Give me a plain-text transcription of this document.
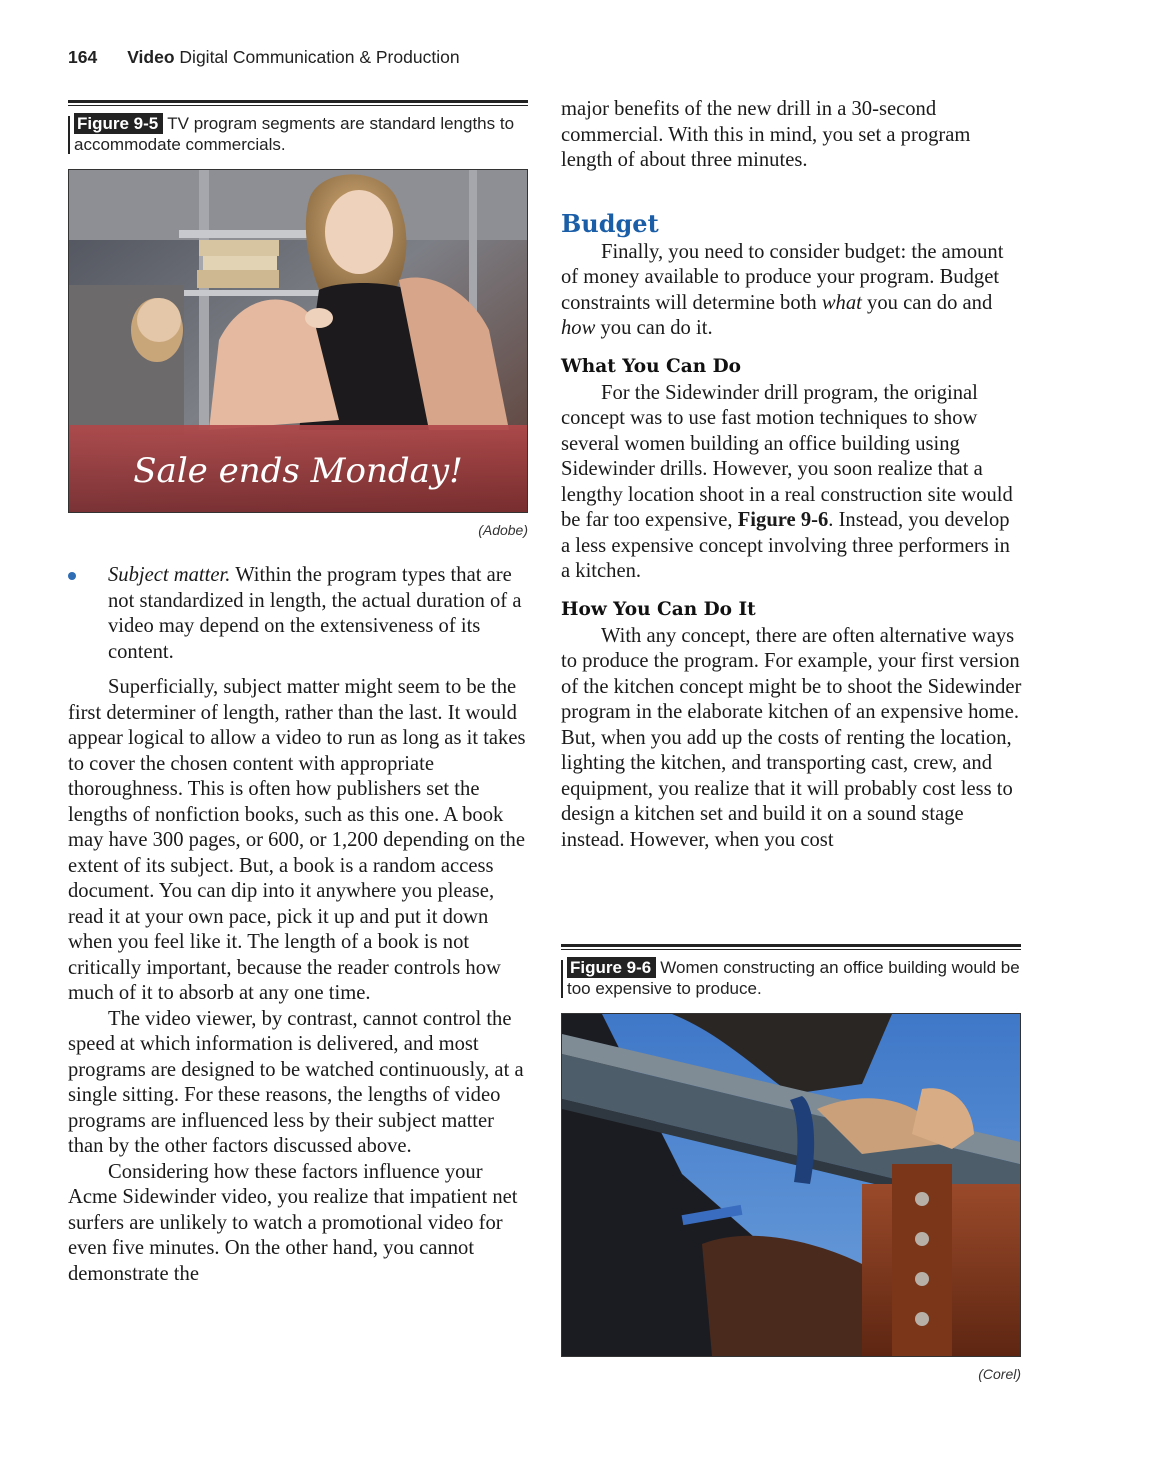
164 Video Digital Communication & Production
Figure 9-5 TV program segments are standard lengths to accommodate commercials.
Sale ends Monday!
(Adobe)
Subject matter. Within the program types that are not standardized in length, the actual duration of a video may depend on the extensiveness of its content.

Superficially, subject matter might seem to be the first determiner of length, rather than the last. It would appear logical to allow a video to run as long as it takes to cover the chosen content with appropriate thoroughness. This is often how publishers set the lengths of nonfiction books, such as this one. A book may have 300 pages, or 600, or 1,200 depending on the extent of its subject. But, a book is a random access document. You can dip into it anywhere you please, read it at your own pace, pick it up and put it down when you feel like it. The length of a book is not critically important, because the reader controls how much of it to absorb at any one time.

The video viewer, by contrast, cannot control the speed at which information is delivered, and most programs are designed to be watched continuously, at a single sitting. For these reasons, the lengths of video programs are influenced less by their subject matter than by the other factors discussed above.

Considering how these factors influence your Acme Sidewinder video, you realize that impatient net surfers are unlikely to watch a promotional video for even five minutes. On the other hand, you cannot demonstrate the

major benefits of the new drill in a 30-second commercial. With this in mind, you set a program length of about three minutes.

Budget

Finally, you need to consider budget: the amount of money available to produce your program. Budget constraints will determine both what you can do and how you can do it.

What You Can Do

For the Sidewinder drill program, the original concept was to use fast motion techniques to show several women building an office building using Sidewinder drills. However, you soon realize that a lengthy location shoot in a real construction site would be far too expensive, Figure 9-6. Instead, you develop a less expensive concept involving three performers in a kitchen.

How You Can Do It

With any concept, there are often alternative ways to produce the program. For example, your first version of the kitchen concept might be to shoot the Sidewinder program in the elaborate kitchen of an expensive home. But, when you add up the costs of renting the location, lighting the kitchen, and transporting cast, crew, and equipment, you realize that it will probably cost less to design a kitchen set and build it on a sound stage instead. However, when you cost

Figure 9-6 Women constructing an office building would be too expensive to produce.
(Corel)
